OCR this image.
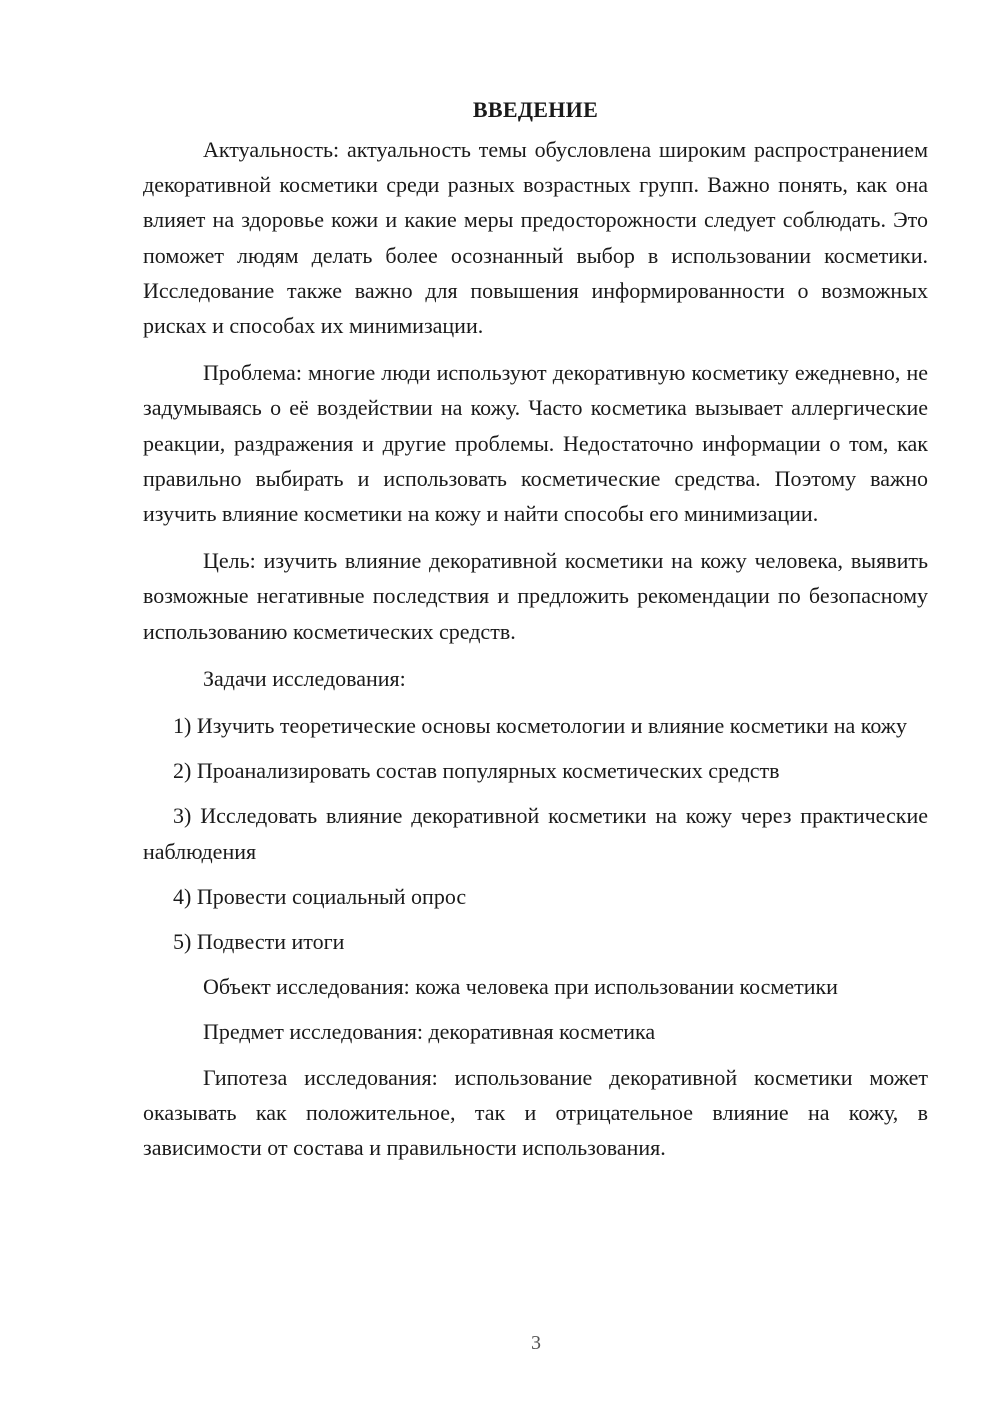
ВВЕДЕНИЕ

Актуальность: актуальность темы обусловлена широким распространением декоративной косметики среди разных возрастных групп. Важно понять, как она влияет на здоровье кожи и какие меры предосторожности следует соблюдать. Это поможет людям делать более осознанный выбор в использовании косметики. Исследование также важно для повышения информированности о возможных рисках и способах их минимизации.

Проблема: многие люди используют декоративную косметику ежедневно, не задумываясь о её воздействии на кожу. Часто косметика вызывает аллергические реакции, раздражения и другие проблемы. Недостаточно информации о том, как правильно выбирать и использовать косметические средства. Поэтому важно изучить влияние косметики на кожу и найти способы его минимизации.

Цель: изучить влияние декоративной косметики на кожу человека, выявить возможные негативные последствия и предложить рекомендации по безопасному использованию косметических средств.

Задачи исследования:

1) Изучить теоретические основы косметологии и влияние косметики на кожу

2) Проанализировать состав популярных косметических средств

3) Исследовать влияние декоративной косметики на кожу через практические наблюдения

4) Провести социальный опрос

5) Подвести итоги

Объект исследования: кожа человека при использовании косметики

Предмет исследования: декоративная косметика

Гипотеза исследования: использование декоративной косметики может оказывать как положительное, так и отрицательное влияние на кожу, в зависимости от состава и правильности использования.

3
